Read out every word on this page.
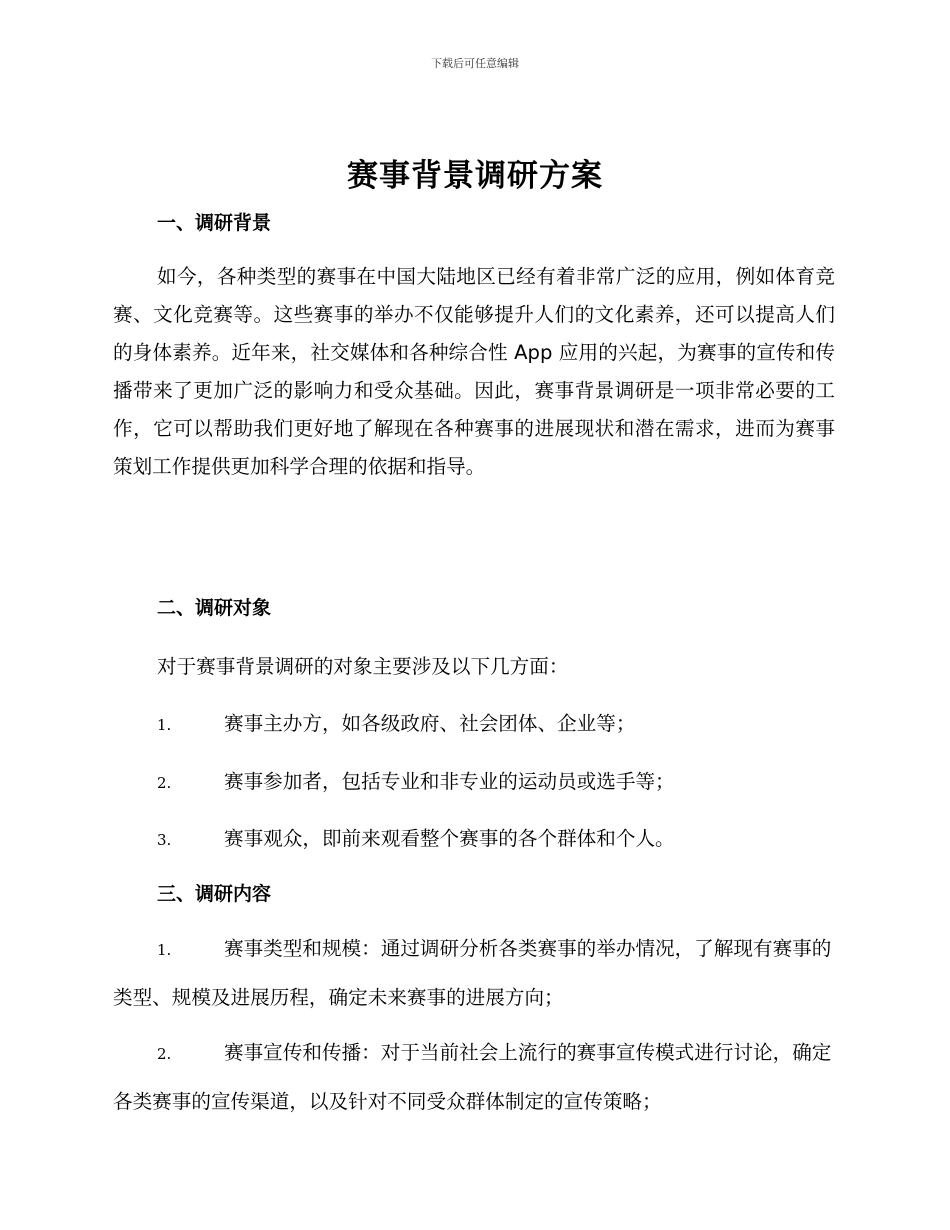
下载后可任意编辑
赛事背景调研方案
一、调研背景

如今，各种类型的赛事在中国大陆地区已经有着非常广泛的应用，例如体育竞赛、文化竞赛等。这些赛事的举办不仅能够提升人们的文化素养，还可以提高人们的身体素养。近年来，社交媒体和各种综合性 App 应用的兴起，为赛事的宣传和传播带来了更加广泛的影响力和受众基础。因此，赛事背景调研是一项非常必要的工作，它可以帮助我们更好地了解现在各种赛事的进展现状和潜在需求，进而为赛事策划工作提供更加科学合理的依据和指导。

二、调研对象

对于赛事背景调研的对象主要涉及以下几方面：

1.	赛事主办方，如各级政府、社会团体、企业等；

2.	赛事参加者，包括专业和非专业的运动员或选手等；

3.	赛事观众，即前来观看整个赛事的各个群体和个人。

三、调研内容

1.	赛事类型和规模：通过调研分析各类赛事的举办情况，了解现有赛事的类型、规模及进展历程，确定未来赛事的进展方向；

2.	赛事宣传和传播：对于当前社会上流行的赛事宣传模式进行讨论，确定各类赛事的宣传渠道，以及针对不同受众群体制定的宣传策略；
